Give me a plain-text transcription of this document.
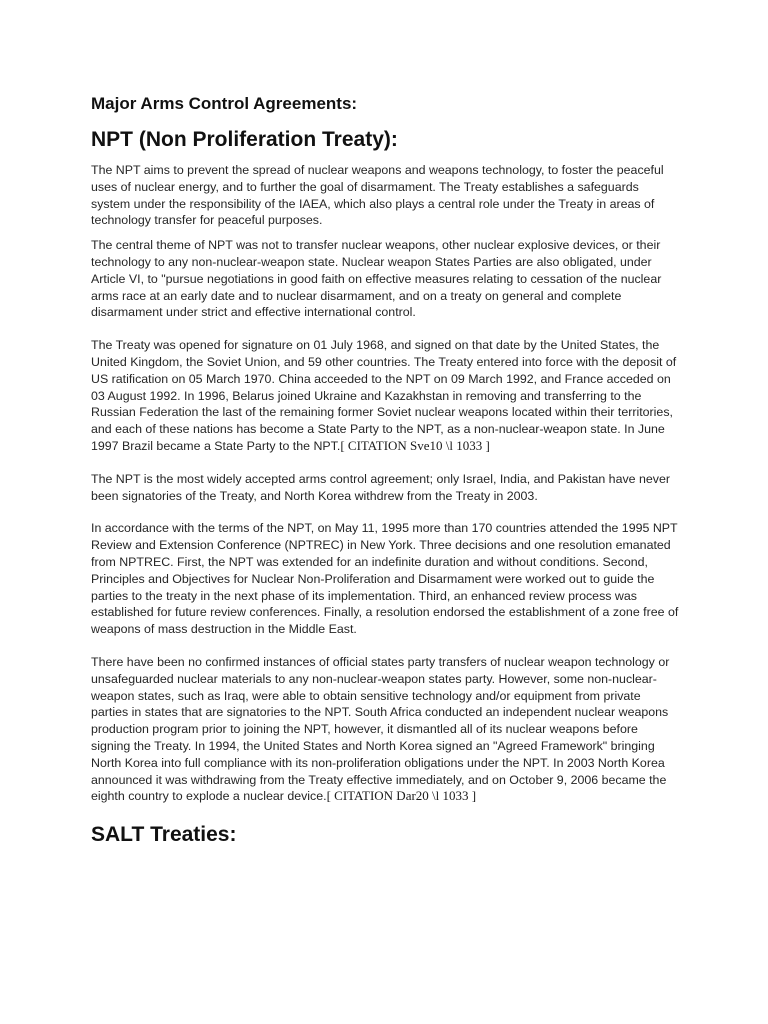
Major Arms Control Agreements:
NPT (Non Proliferation Treaty):

The NPT aims to prevent the spread of nuclear weapons and weapons technology, to foster the peaceful uses of nuclear energy, and to further the goal of disarmament. The Treaty establishes a safeguards system under the responsibility of the IAEA, which also plays a central role under the Treaty in areas of technology transfer for peaceful purposes.

The central theme of NPT was not to transfer nuclear weapons, other nuclear explosive devices, or their technology to any non-nuclear-weapon state. Nuclear weapon States Parties are also obligated, under Article VI, to "pursue negotiations in good faith on effective measures relating to cessation of the nuclear arms race at an early date and to nuclear disarmament, and on a treaty on general and complete disarmament under strict and effective international control.

The Treaty was opened for signature on 01 July 1968, and signed on that date by the United States, the United Kingdom, the Soviet Union, and 59 other countries. The Treaty entered into force with the deposit of US ratification on 05 March 1970. China acceeded to the NPT on 09 March 1992, and France acceded on 03 August 1992. In 1996, Belarus joined Ukraine and Kazakhstan in removing and transferring to the Russian Federation the last of the remaining former Soviet nuclear weapons located within their territories, and each of these nations has become a State Party to the NPT, as a non-nuclear-weapon state. In June 1997 Brazil became a State Party to the NPT.[ CITATION Sve10 \l 1033 ]

The NPT is the most widely accepted arms control agreement; only Israel, India, and Pakistan have never been signatories of the Treaty, and North Korea withdrew from the Treaty in 2003.

In accordance with the terms of the NPT, on May 11, 1995 more than 170 countries attended the 1995 NPT Review and Extension Conference (NPTREC) in New York. Three decisions and one resolution emanated from NPTREC. First, the NPT was extended for an indefinite duration and without conditions. Second, Principles and Objectives for Nuclear Non-Proliferation and Disarmament were worked out to guide the parties to the treaty in the next phase of its implementation. Third, an enhanced review process was established for future review conferences. Finally, a resolution endorsed the establishment of a zone free of weapons of mass destruction in the Middle East.

There have been no confirmed instances of official states party transfers of nuclear weapon technology or unsafeguarded nuclear materials to any non-nuclear-weapon states party. However, some non-nuclear-weapon states, such as Iraq, were able to obtain sensitive technology and/or equipment from private parties in states that are signatories to the NPT. South Africa conducted an independent nuclear weapons production program prior to joining the NPT, however, it dismantled all of its nuclear weapons before signing the Treaty. In 1994, the United States and North Korea signed an "Agreed Framework" bringing North Korea into full compliance with its non-proliferation obligations under the NPT. In 2003 North Korea announced it was withdrawing from the Treaty effective immediately, and on October 9, 2006 became the eighth country to explode a nuclear device.[ CITATION Dar20 \l 1033 ]

SALT Treaties:
